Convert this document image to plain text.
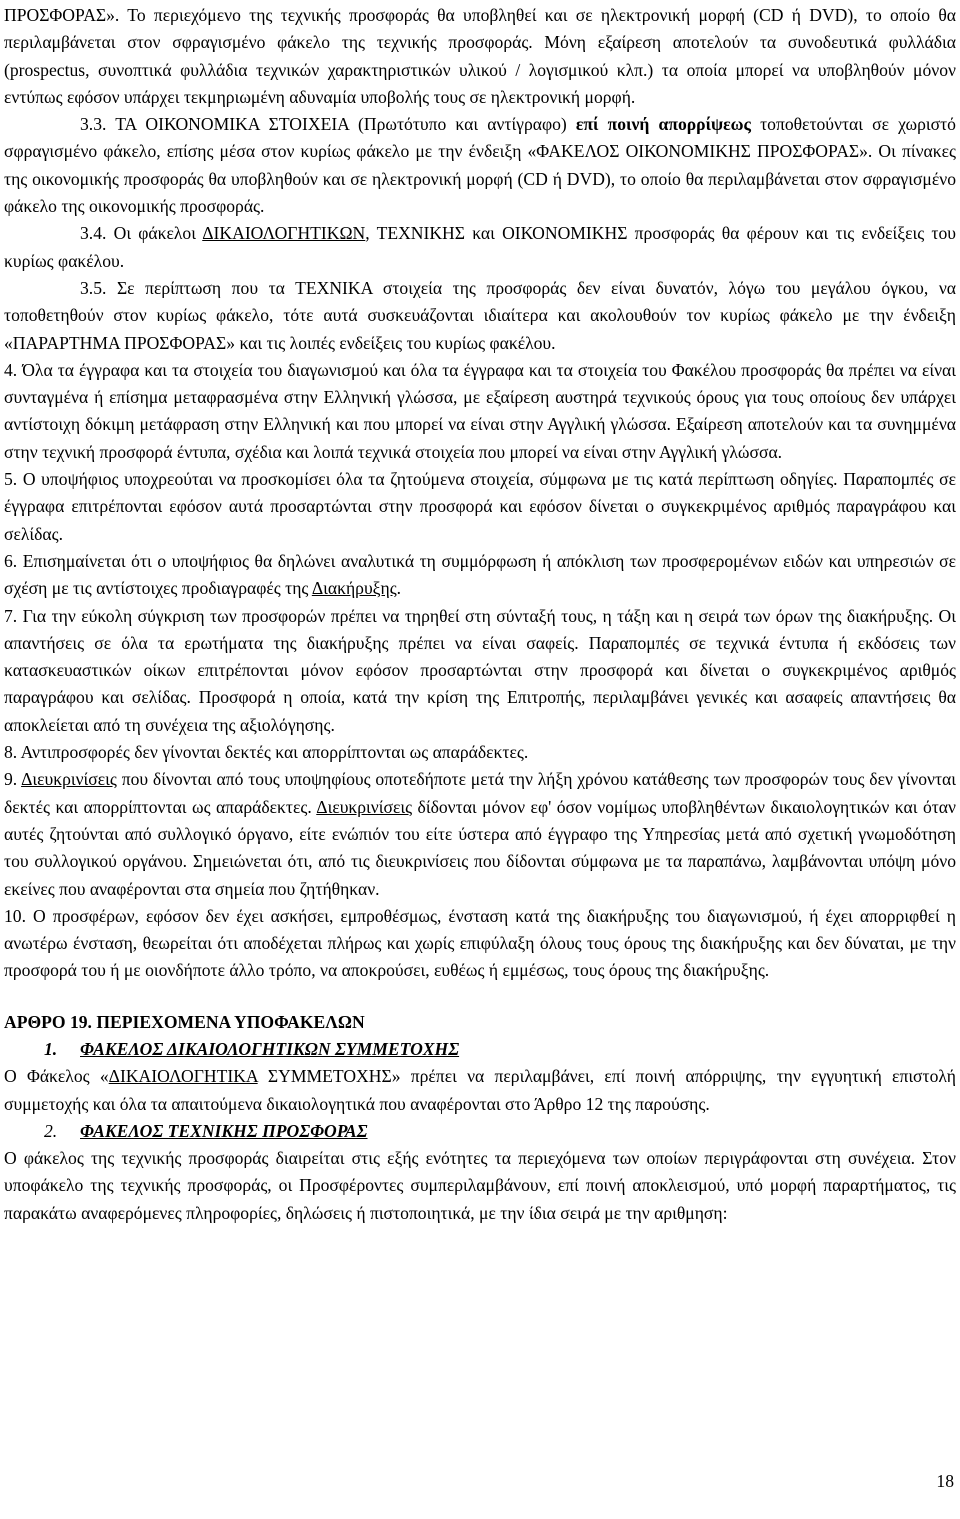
ΠΡΟΣΦΟΡΑΣ». Το περιεχόμενο της τεχνικής προσφοράς θα υποβληθεί και σε ηλεκτρονική μορφή (CD ή DVD), το οποίο θα περιλαμβάνεται στον σφραγισμένο φάκελο της τεχνικής προσφοράς. Μόνη εξαίρεση αποτελούν τα συνοδευτικά φυλλάδια (prospectus, συνοπτικά φυλλάδια τεχνικών χαρακτηριστικών υλικού / λογισμικού κλπ.) τα οποία μπορεί να υποβληθούν μόνον εντύπως εφόσον υπάρχει τεκμηριωμένη αδυναμία υποβολής τους σε ηλεκτρονική μορφή.

3.3. ΤΑ ΟΙΚΟΝΟΜΙΚΑ ΣΤΟΙΧΕΙΑ (Πρωτότυπο και αντίγραφο) επί ποινή απορρίψεως τοποθετούνται σε χωριστό σφραγισμένο φάκελο, επίσης μέσα στον κυρίως φάκελο με την ένδειξη «ΦΑΚΕΛΟΣ ΟΙΚΟΝΟΜΙΚΗΣ ΠΡΟΣΦΟΡΑΣ». Οι πίνακες της οικονομικής προσφοράς θα υποβληθούν και σε ηλεκτρονική μορφή (CD ή DVD), το οποίο θα περιλαμβάνεται στον σφραγισμένο φάκελο της οικονομικής προσφοράς.

3.4. Οι φάκελοι ΔΙΚΑΙΟΛΟΓΗΤΙΚΩΝ, ΤΕΧΝΙΚΗΣ και ΟΙΚΟΝΟΜΙΚΗΣ προσφοράς θα φέρουν και τις ενδείξεις του κυρίως φακέλου.

3.5. Σε περίπτωση που τα ΤΕΧΝΙΚΑ στοιχεία της προσφοράς δεν είναι δυνατόν, λόγω του μεγάλου όγκου, να τοποθετηθούν στον κυρίως φάκελο, τότε αυτά συσκευάζονται ιδιαίτερα και ακολουθούν τον κυρίως φάκελο με την ένδειξη «ΠΑΡΑΡΤΗΜΑ ΠΡΟΣΦΟΡΑΣ» και τις λοιπές ενδείξεις του κυρίως φακέλου.

4. Όλα τα έγγραφα και τα στοιχεία του διαγωνισμού και όλα τα έγγραφα και τα στοιχεία του Φακέλου προσφοράς θα πρέπει να είναι συνταγμένα ή επίσημα μεταφρασμένα στην Ελληνική γλώσσα, με εξαίρεση αυστηρά τεχνικούς όρους για τους οποίους δεν υπάρχει αντίστοιχη δόκιμη μετάφραση στην Ελληνική και που μπορεί να είναι στην Αγγλική γλώσσα. Εξαίρεση αποτελούν και τα συνημμένα στην τεχνική προσφορά έντυπα, σχέδια και λοιπά τεχνικά στοιχεία που μπορεί να είναι στην Αγγλική γλώσσα.

5. Ο υποψήφιος υποχρεούται να προσκομίσει όλα τα ζητούμενα στοιχεία, σύμφωνα με τις κατά περίπτωση οδηγίες. Παραπομπές σε έγγραφα επιτρέπονται εφόσον αυτά προσαρτώνται στην προσφορά και εφόσον δίνεται ο συγκεκριμένος αριθμός παραγράφου και σελίδας.

6. Επισημαίνεται ότι ο υποψήφιος θα δηλώνει αναλυτικά τη συμμόρφωση ή απόκλιση των προσφερομένων ειδών και υπηρεσιών σε σχέση με τις αντίστοιχες προδιαγραφές της Διακήρυξης.

7. Για την εύκολη σύγκριση των προσφορών πρέπει να τηρηθεί στη σύνταξή τους, η τάξη και η σειρά των όρων της διακήρυξης. Οι απαντήσεις σε όλα τα ερωτήματα της διακήρυξης πρέπει να είναι σαφείς. Παραπομπές σε τεχνικά έντυπα ή εκδόσεις των κατασκευαστικών οίκων επιτρέπονται μόνον εφόσον προσαρτώνται στην προσφορά και δίνεται ο συγκεκριμένος αριθμός παραγράφου και σελίδας. Προσφορά η οποία, κατά την κρίση της Επιτροπής, περιλαμβάνει γενικές και ασαφείς απαντήσεις θα αποκλείεται από τη συνέχεια της αξιολόγησης.

8. Αντιπροσφορές δεν γίνονται δεκτές και απορρίπτονται ως απαράδεκτες.

9. Διευκρινίσεις που δίνονται από τους υποψηφίους οποτεδήποτε μετά την λήξη χρόνου κατάθεσης των προσφορών τους δεν γίνονται δεκτές και απορρίπτονται ως απαράδεκτες. Διευκρινίσεις δίδονται μόνον εφ' όσον νομίμως υποβληθέντων δικαιολογητικών και όταν αυτές ζητούνται από συλλογικό όργανο, είτε ενώπιόν του είτε ύστερα από έγγραφο της Υπηρεσίας μετά από σχετική γνωμοδότηση του συλλογικού οργάνου. Σημειώνεται ότι, από τις διευκρινίσεις που δίδονται σύμφωνα με τα παραπάνω, λαμβάνονται υπόψη μόνο εκείνες που αναφέρονται στα σημεία που ζητήθηκαν.

10. Ο προσφέρων, εφόσον δεν έχει ασκήσει, εμπροθέσμως, ένσταση κατά της διακήρυξης του διαγωνισμού, ή έχει απορριφθεί η ανωτέρω ένσταση, θεωρείται ότι αποδέχεται πλήρως και χωρίς επιφύλαξη όλους τους όρους της διακήρυξης και δεν δύναται, με την προσφορά του ή με οιονδήποτε άλλο τρόπο, να αποκρούσει, ευθέως ή εμμέσως, τους όρους της διακήρυξης.

ΑΡΘΡΟ 19. ΠΕΡΙΕΧΟΜΕΝΑ ΥΠΟΦΑΚΕΛΩΝ

1. ΦΑΚΕΛΟΣ ΔΙΚΑΙΟΛΟΓΗΤΙΚΩΝ ΣΥΜΜΕΤΟΧΗΣ

Ο Φάκελος «ΔΙΚΑΙΟΛΟΓΗΤΙΚΑ ΣΥΜΜΕΤΟΧΗΣ» πρέπει να περιλαμβάνει, επί ποινή απόρριψης, την εγγυητική επιστολή συμμετοχής και όλα τα απαιτούμενα δικαιολογητικά που αναφέρονται στο Άρθρο 12 της παρούσης.

2. ΦΑΚΕΛΟΣ ΤΕΧΝΙΚΗΣ ΠΡΟΣΦΟΡΑΣ

Ο φάκελος της τεχνικής προσφοράς διαιρείται στις εξής ενότητες τα περιεχόμενα των οποίων περιγράφονται στη συνέχεια. Στον υποφάκελο της τεχνικής προσφοράς, οι Προσφέροντες συμπεριλαμβάνουν, επί ποινή αποκλεισμού, υπό μορφή παραρτήματος, τις παρακάτω αναφερόμενες πληροφορίες, δηλώσεις ή πιστοποιητικά, με την ίδια σειρά με την αριθμηση:

18
